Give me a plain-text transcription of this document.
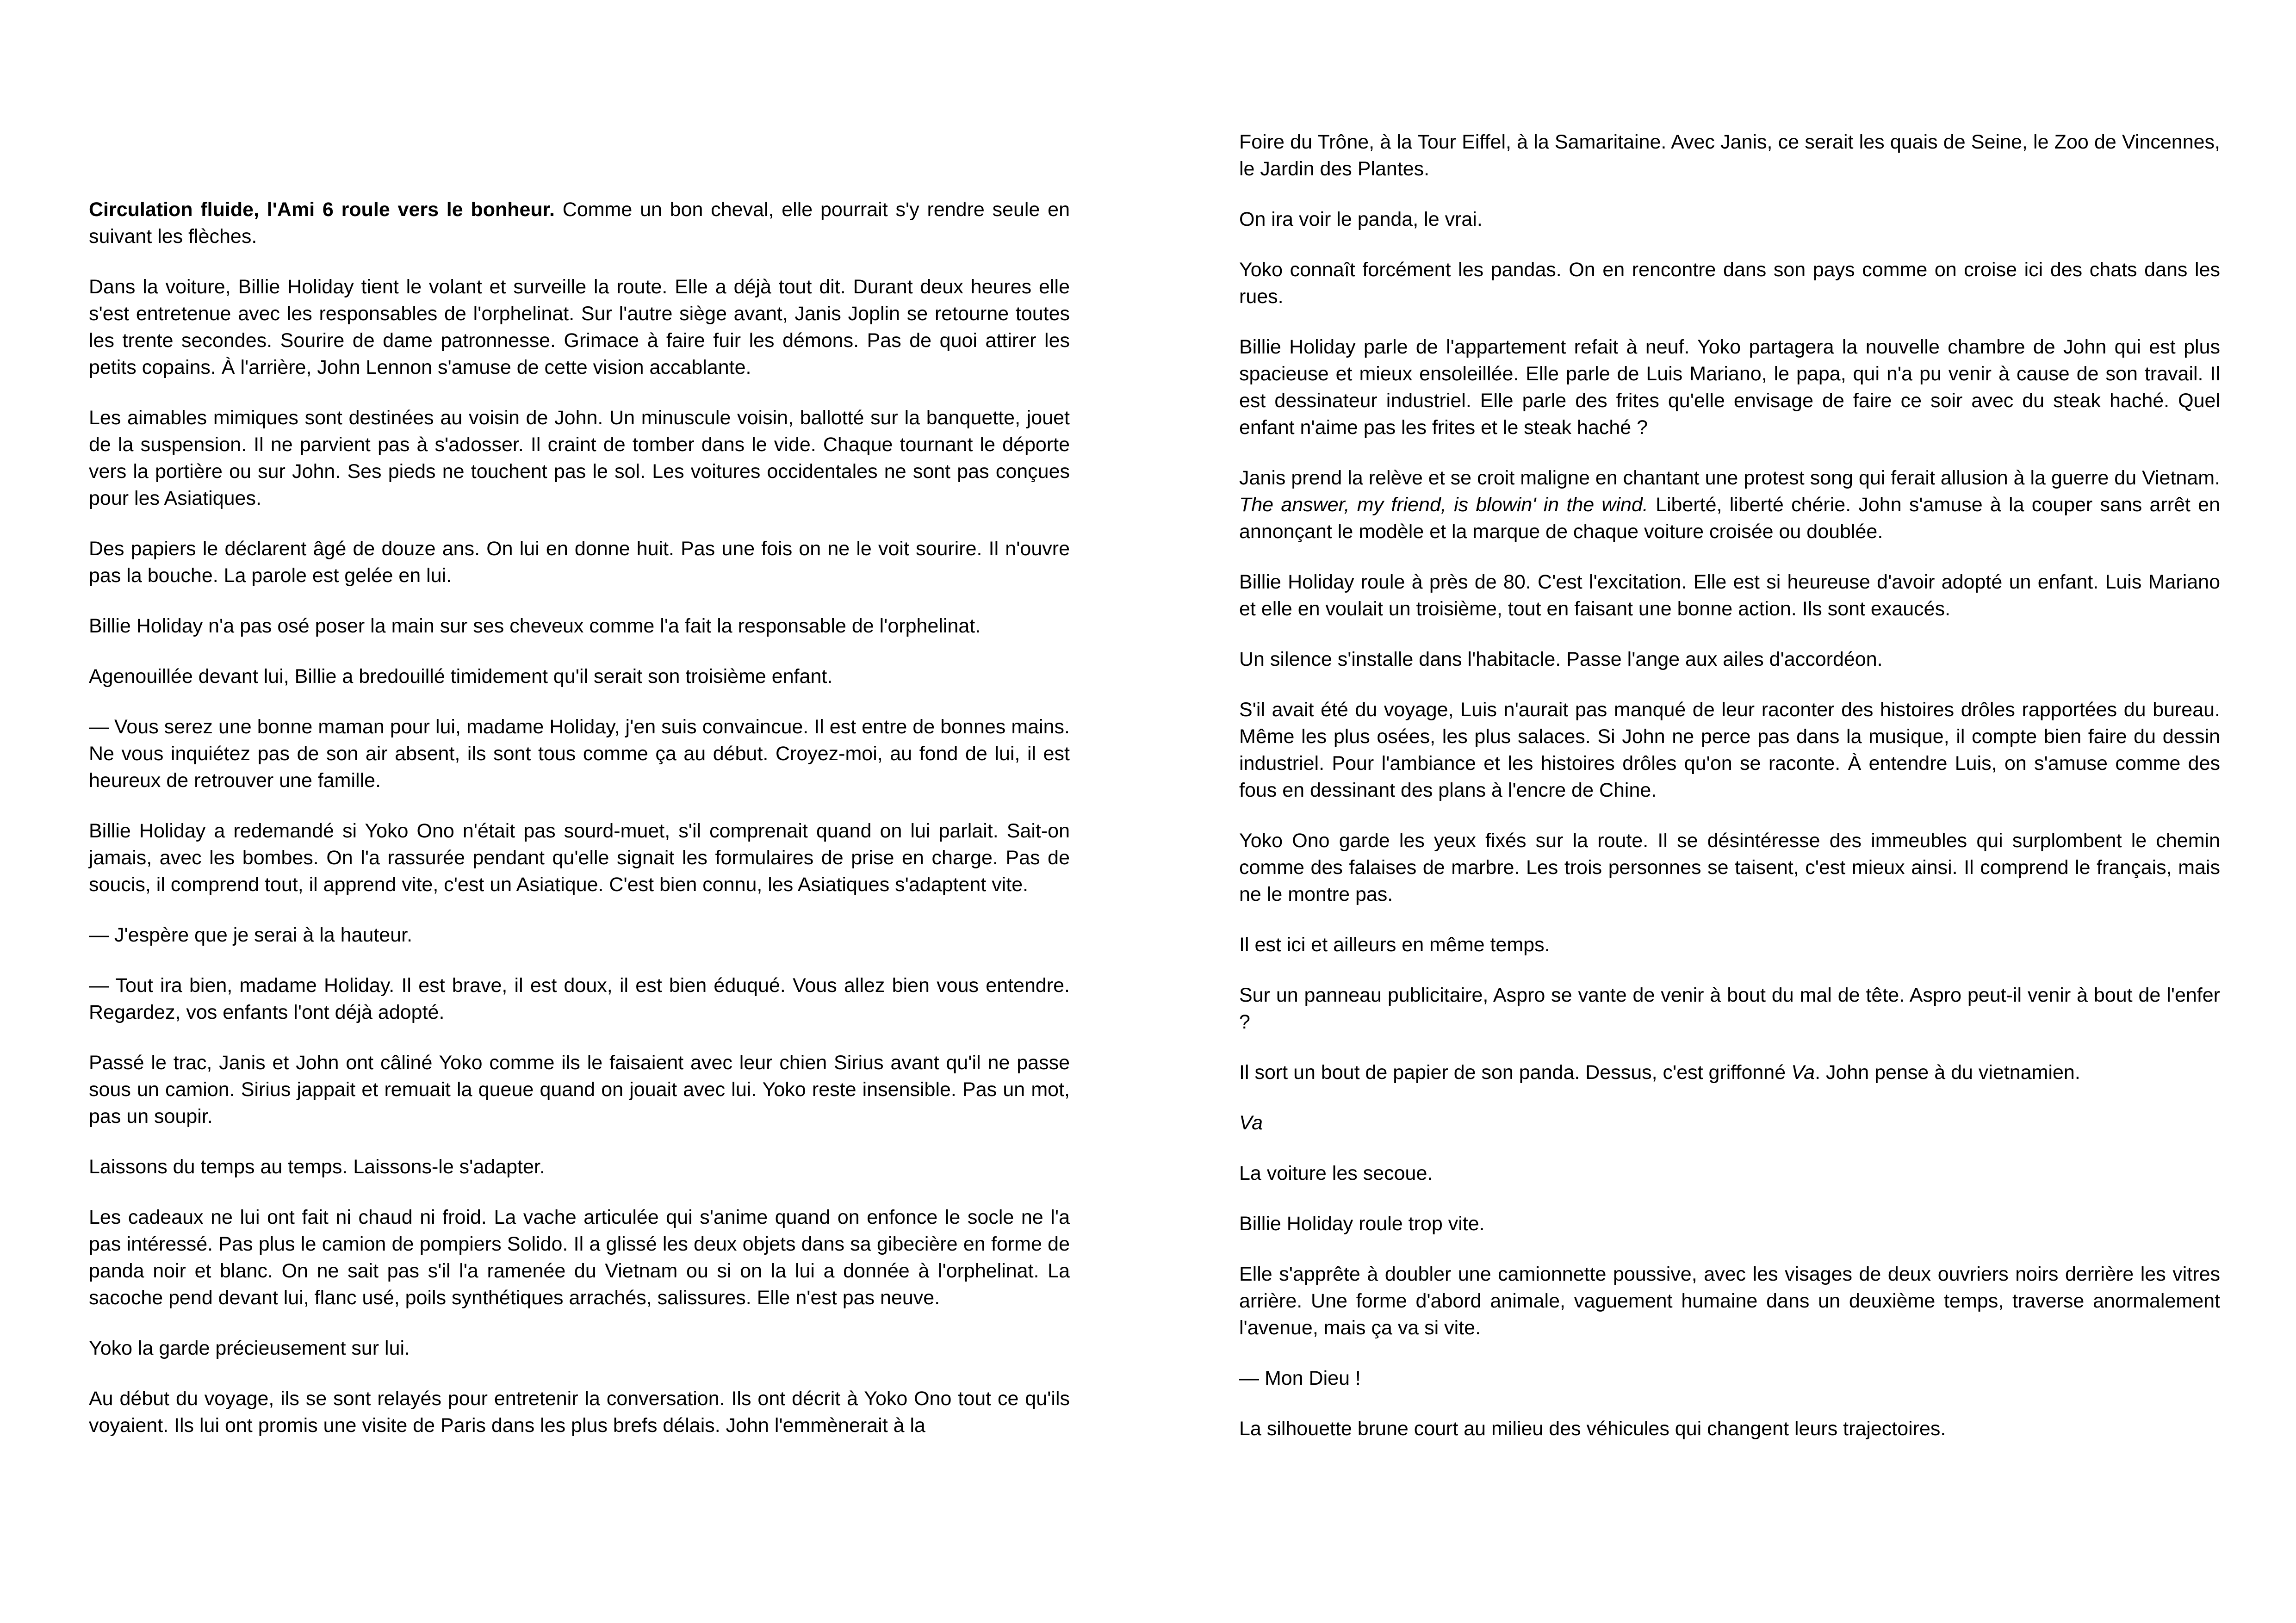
Circulation fluide, l'Ami 6 roule vers le bonheur. Comme un bon cheval, elle pourrait s'y rendre seule en suivant les flèches.

Dans la voiture, Billie Holiday tient le volant et surveille la route. Elle a déjà tout dit. Durant deux heures elle s'est entretenue avec les responsables de l'orphelinat. Sur l'autre siège avant, Janis Joplin se retourne toutes les trente secondes. Sourire de dame patronnesse. Grimace à faire fuir les démons. Pas de quoi attirer les petits copains. À l'arrière, John Lennon s'amuse de cette vision accablante.

Les aimables mimiques sont destinées au voisin de John. Un minuscule voisin, ballotté sur la banquette, jouet de la suspension. Il ne parvient pas à s'adosser. Il craint de tomber dans le vide. Chaque tournant le déporte vers la portière ou sur John. Ses pieds ne touchent pas le sol. Les voitures occidentales ne sont pas conçues pour les Asiatiques.

Des papiers le déclarent âgé de douze ans. On lui en donne huit. Pas une fois on ne le voit sourire. Il n'ouvre pas la bouche. La parole est gelée en lui.

Billie Holiday n'a pas osé poser la main sur ses cheveux comme l'a fait la responsable de l'orphelinat.

Agenouillée devant lui, Billie a bredouillé timidement qu'il serait son troisième enfant.

— Vous serez une bonne maman pour lui, madame Holiday, j'en suis convaincue. Il est entre de bonnes mains. Ne vous inquiétez pas de son air absent, ils sont tous comme ça au début. Croyez-moi, au fond de lui, il est heureux de retrouver une famille.

Billie Holiday a redemandé si Yoko Ono n'était pas sourd-muet, s'il comprenait quand on lui parlait. Sait-on jamais, avec les bombes. On l'a rassurée pendant qu'elle signait les formulaires de prise en charge. Pas de soucis, il comprend tout, il apprend vite, c'est un Asiatique. C'est bien connu, les Asiatiques s'adaptent vite.

— J'espère que je serai à la hauteur.

— Tout ira bien, madame Holiday. Il est brave, il est doux, il est bien éduqué. Vous allez bien vous entendre. Regardez, vos enfants l'ont déjà adopté.

Passé le trac, Janis et John ont câliné Yoko comme ils le faisaient avec leur chien Sirius avant qu'il ne passe sous un camion. Sirius jappait et remuait la queue quand on jouait avec lui. Yoko reste insensible. Pas un mot, pas un soupir.

Laissons du temps au temps. Laissons-le s'adapter.

Les cadeaux ne lui ont fait ni chaud ni froid. La vache articulée qui s'anime quand on enfonce le socle ne l'a pas intéressé. Pas plus le camion de pompiers Solido. Il a glissé les deux objets dans sa gibecière en forme de panda noir et blanc. On ne sait pas s'il l'a ramenée du Vietnam ou si on la lui a donnée à l'orphelinat. La sacoche pend devant lui, flanc usé, poils synthétiques arrachés, salissures. Elle n'est pas neuve.

Yoko la garde précieusement sur lui.

Au début du voyage, ils se sont relayés pour entretenir la conversation. Ils ont décrit à Yoko Ono tout ce qu'ils voyaient. Ils lui ont promis une visite de Paris dans les plus brefs délais. John l'emmènerait à la

Foire du Trône, à la Tour Eiffel, à la Samaritaine. Avec Janis, ce serait les quais de Seine, le Zoo de Vincennes, le Jardin des Plantes.

On ira voir le panda, le vrai.

Yoko connaît forcément les pandas. On en rencontre dans son pays comme on croise ici des chats dans les rues.

Billie Holiday parle de l'appartement refait à neuf. Yoko partagera la nouvelle chambre de John qui est plus spacieuse et mieux ensoleillée. Elle parle de Luis Mariano, le papa, qui n'a pu venir à cause de son travail. Il est dessinateur industriel. Elle parle des frites qu'elle envisage de faire ce soir avec du steak haché. Quel enfant n'aime pas les frites et le steak haché ?

Janis prend la relève et se croit maligne en chantant une protest song qui ferait allusion à la guerre du Vietnam. The answer, my friend, is blowin' in the wind. Liberté, liberté chérie. John s'amuse à la couper sans arrêt en annonçant le modèle et la marque de chaque voiture croisée ou doublée.

Billie Holiday roule à près de 80. C'est l'excitation. Elle est si heureuse d'avoir adopté un enfant. Luis Mariano et elle en voulait un troisième, tout en faisant une bonne action. Ils sont exaucés.

Un silence s'installe dans l'habitacle. Passe l'ange aux ailes d'accordéon.

S'il avait été du voyage, Luis n'aurait pas manqué de leur raconter des histoires drôles rapportées du bureau. Même les plus osées, les plus salaces. Si John ne perce pas dans la musique, il compte bien faire du dessin industriel. Pour l'ambiance et les histoires drôles qu'on se raconte. À entendre Luis, on s'amuse comme des fous en dessinant des plans à l'encre de Chine.

Yoko Ono garde les yeux fixés sur la route. Il se désintéresse des immeubles qui surplombent le chemin comme des falaises de marbre. Les trois personnes se taisent, c'est mieux ainsi. Il comprend le français, mais ne le montre pas.

Il est ici et ailleurs en même temps.

Sur un panneau publicitaire, Aspro se vante de venir à bout du mal de tête. Aspro peut-il venir à bout de l'enfer ?

Il sort un bout de papier de son panda. Dessus, c'est griffonné Va. John pense à du vietnamien.

Va

La voiture les secoue.

Billie Holiday roule trop vite.

Elle s'apprête à doubler une camionnette poussive, avec les visages de deux ouvriers noirs derrière les vitres arrière. Une forme d'abord animale, vaguement humaine dans un deuxième temps, traverse anormalement l'avenue, mais ça va si vite.

— Mon Dieu !

La silhouette brune court au milieu des véhicules qui changent leurs trajectoires.
